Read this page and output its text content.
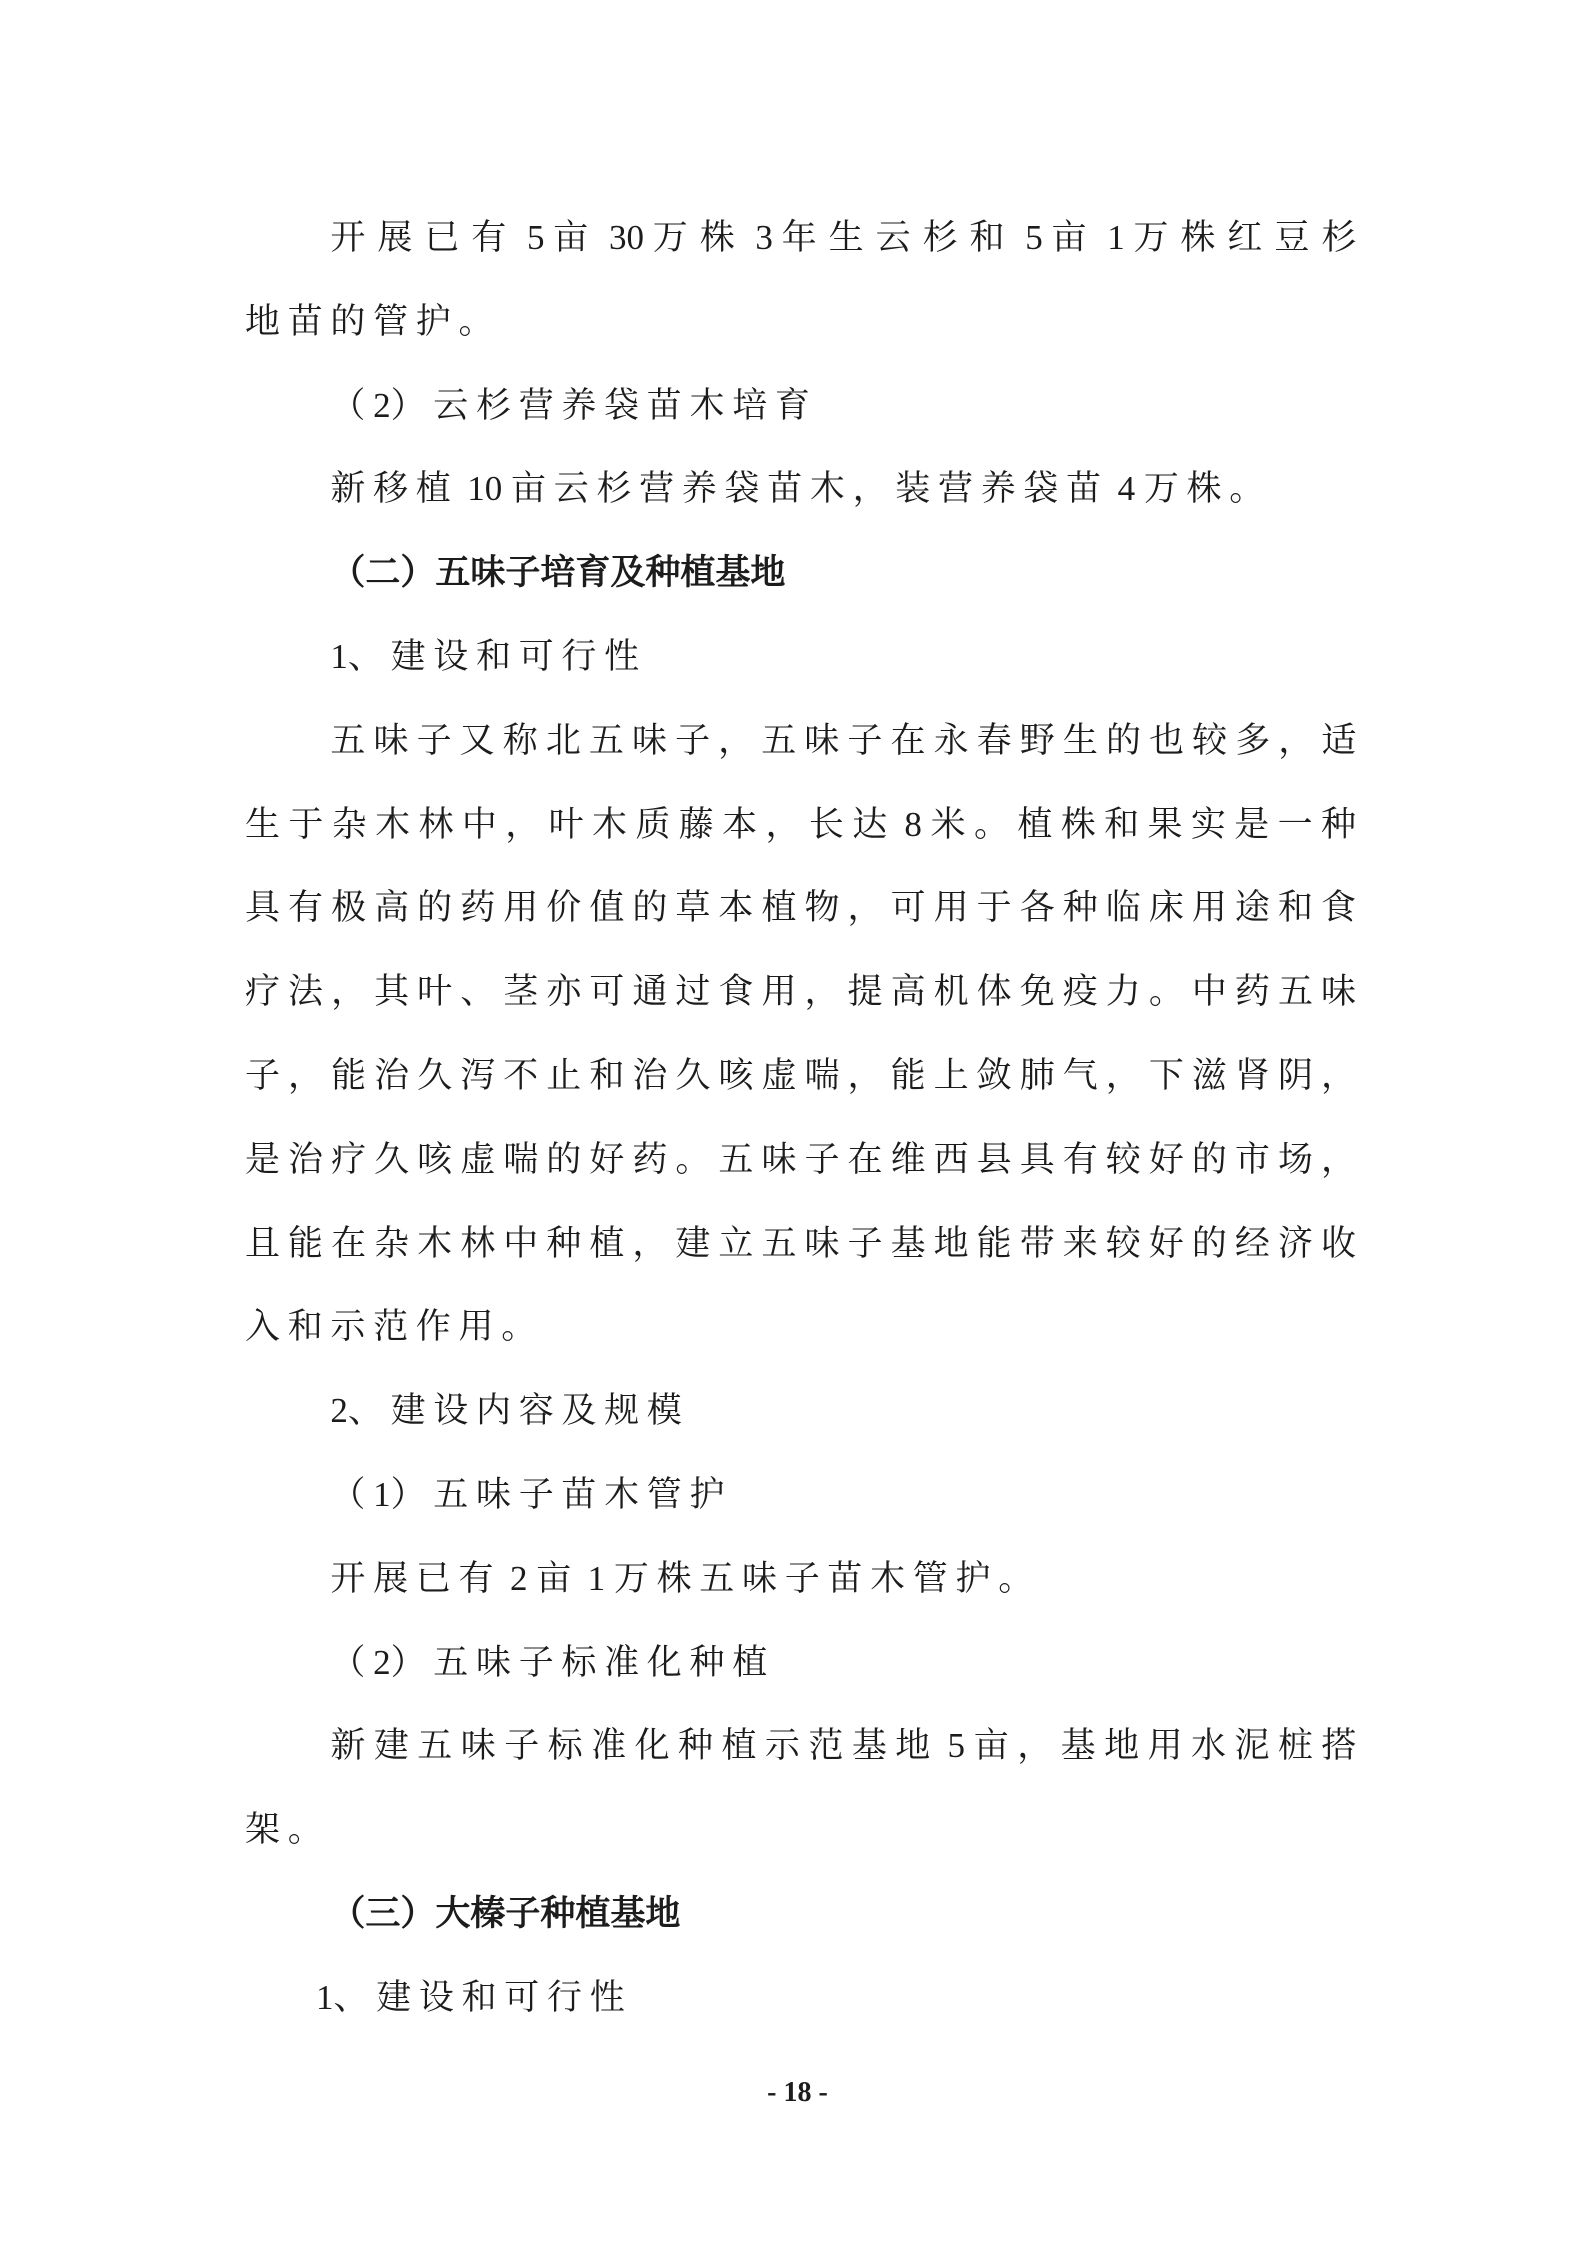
开展已有 5 亩 30 万株 3 年生云杉和 5 亩 1 万株红豆杉
地苗的管护。
（2）云杉营养袋苗木培育
新移植 10 亩云杉营养袋苗木，装营养袋苗 4 万株。
（二）五味子培育及种植基地
1、建设和可行性
五味子又称北五味子，五味子在永春野生的也较多，适
生于杂木林中，叶木质藤本，长达 8 米。植株和果实是一种
具有极高的药用价值的草本植物，可用于各种临床用途和食
疗法，其叶、茎亦可通过食用，提高机体免疫力。中药五味
子，能治久泻不止和治久咳虚喘，能上敛肺气，下滋肾阴，
是治疗久咳虚喘的好药。五味子在维西县具有较好的市场，
且能在杂木林中种植，建立五味子基地能带来较好的经济收
入和示范作用。
2、建设内容及规模
（1）五味子苗木管护
开展已有 2 亩 1 万株五味子苗木管护。
（2）五味子标准化种植
新建五味子标准化种植示范基地 5 亩，基地用水泥桩搭
架。
（三）大榛子种植基地
1、建设和可行性
- 18 -
